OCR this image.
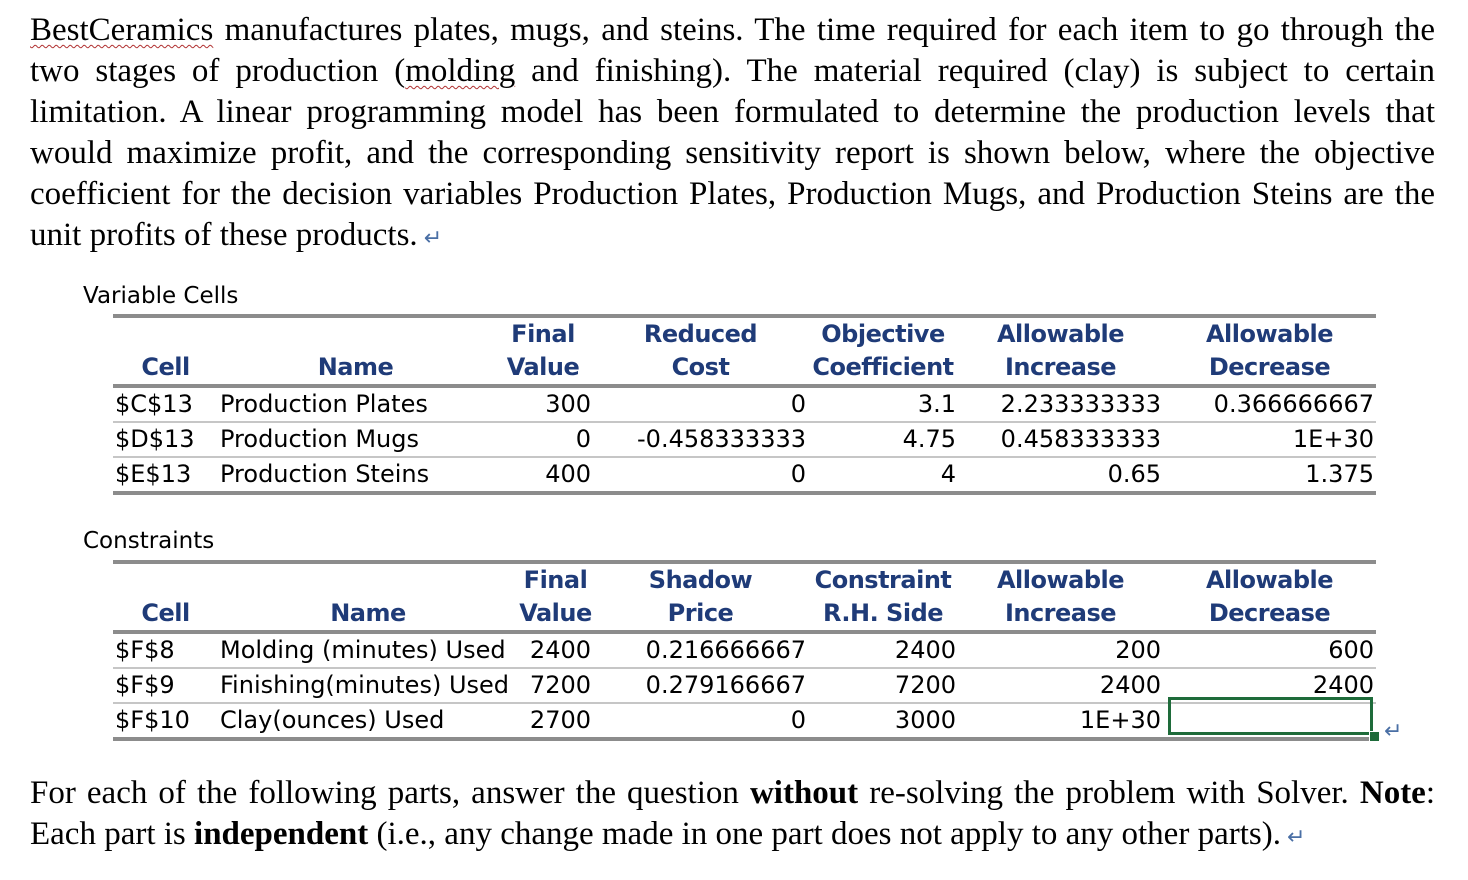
BestCeramics manufactures plates, mugs, and steins. The time required for each item to go through the two stages of production (molding and finishing). The material required (clay) is subject to certain limitation. A linear programming model has been formulated to determine the production levels that would maximize profit, and the corresponding sensitivity report is shown below, where the objective coefficient for the decision variables Production Plates, Production Mugs, and Production Steins are the unit profits of these products. ↵

Variable Cells
		Final	Reduced	Objective	Allowable	Allowable
Cell	Name	Value	Cost	Coefficient	Increase	Decrease
$C$13	Production Plates	300	0	3.1	2.233333333	0.366666667
$D$13	Production Mugs	0	-0.458333333	4.75	0.458333333	1E+30
$E$13	Production Steins	400	0	4	0.65	1.375
Constraints
		Final	Shadow	Constraint	Allowable	Allowable
Cell	Name	Value	Price	R.H. Side	Increase	Decrease
$F$8	Molding (minutes) Used	2400	0.216666667	2400	200	600
$F$9	Finishing(minutes) Used	7200	0.279166667	7200	2400	2400
$F$10	Clay(ounces) Used	2700	0	3000	1E+30		↵

For each of the following parts, answer the question without re-solving the problem with Solver. Note: Each part is independent (i.e., any change made in one part does not apply to any other parts). ↵
